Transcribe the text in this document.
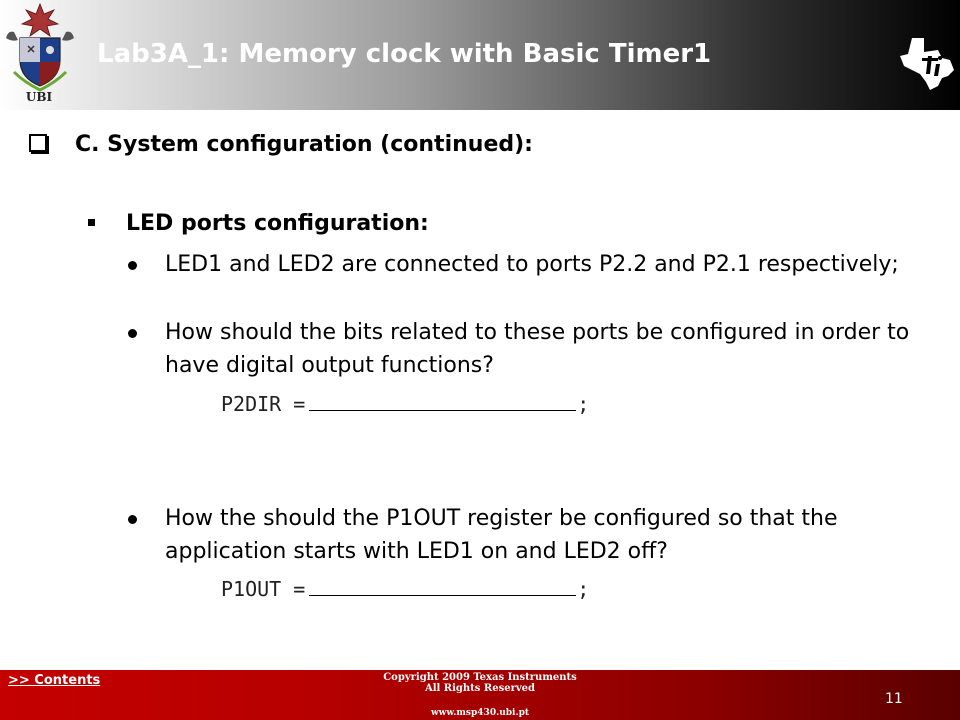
UBI
Lab3A_1: Memory clock with Basic Timer1
C. System configuration (continued):
LED ports configuration:
LED1 and LED2 are connected to ports P2.2 and P2.1 respectively;
How should the bits related to these ports be configured in order to have digital output functions?
P2DIR =	;
How the should the P1OUT register be configured so that the application starts with LED1 on and LED2 off?
P1OUT =	;
>> Contents	Copyright 2009 Texas Instruments
All Rights Reserved
www.msp430.ubi.pt
11
